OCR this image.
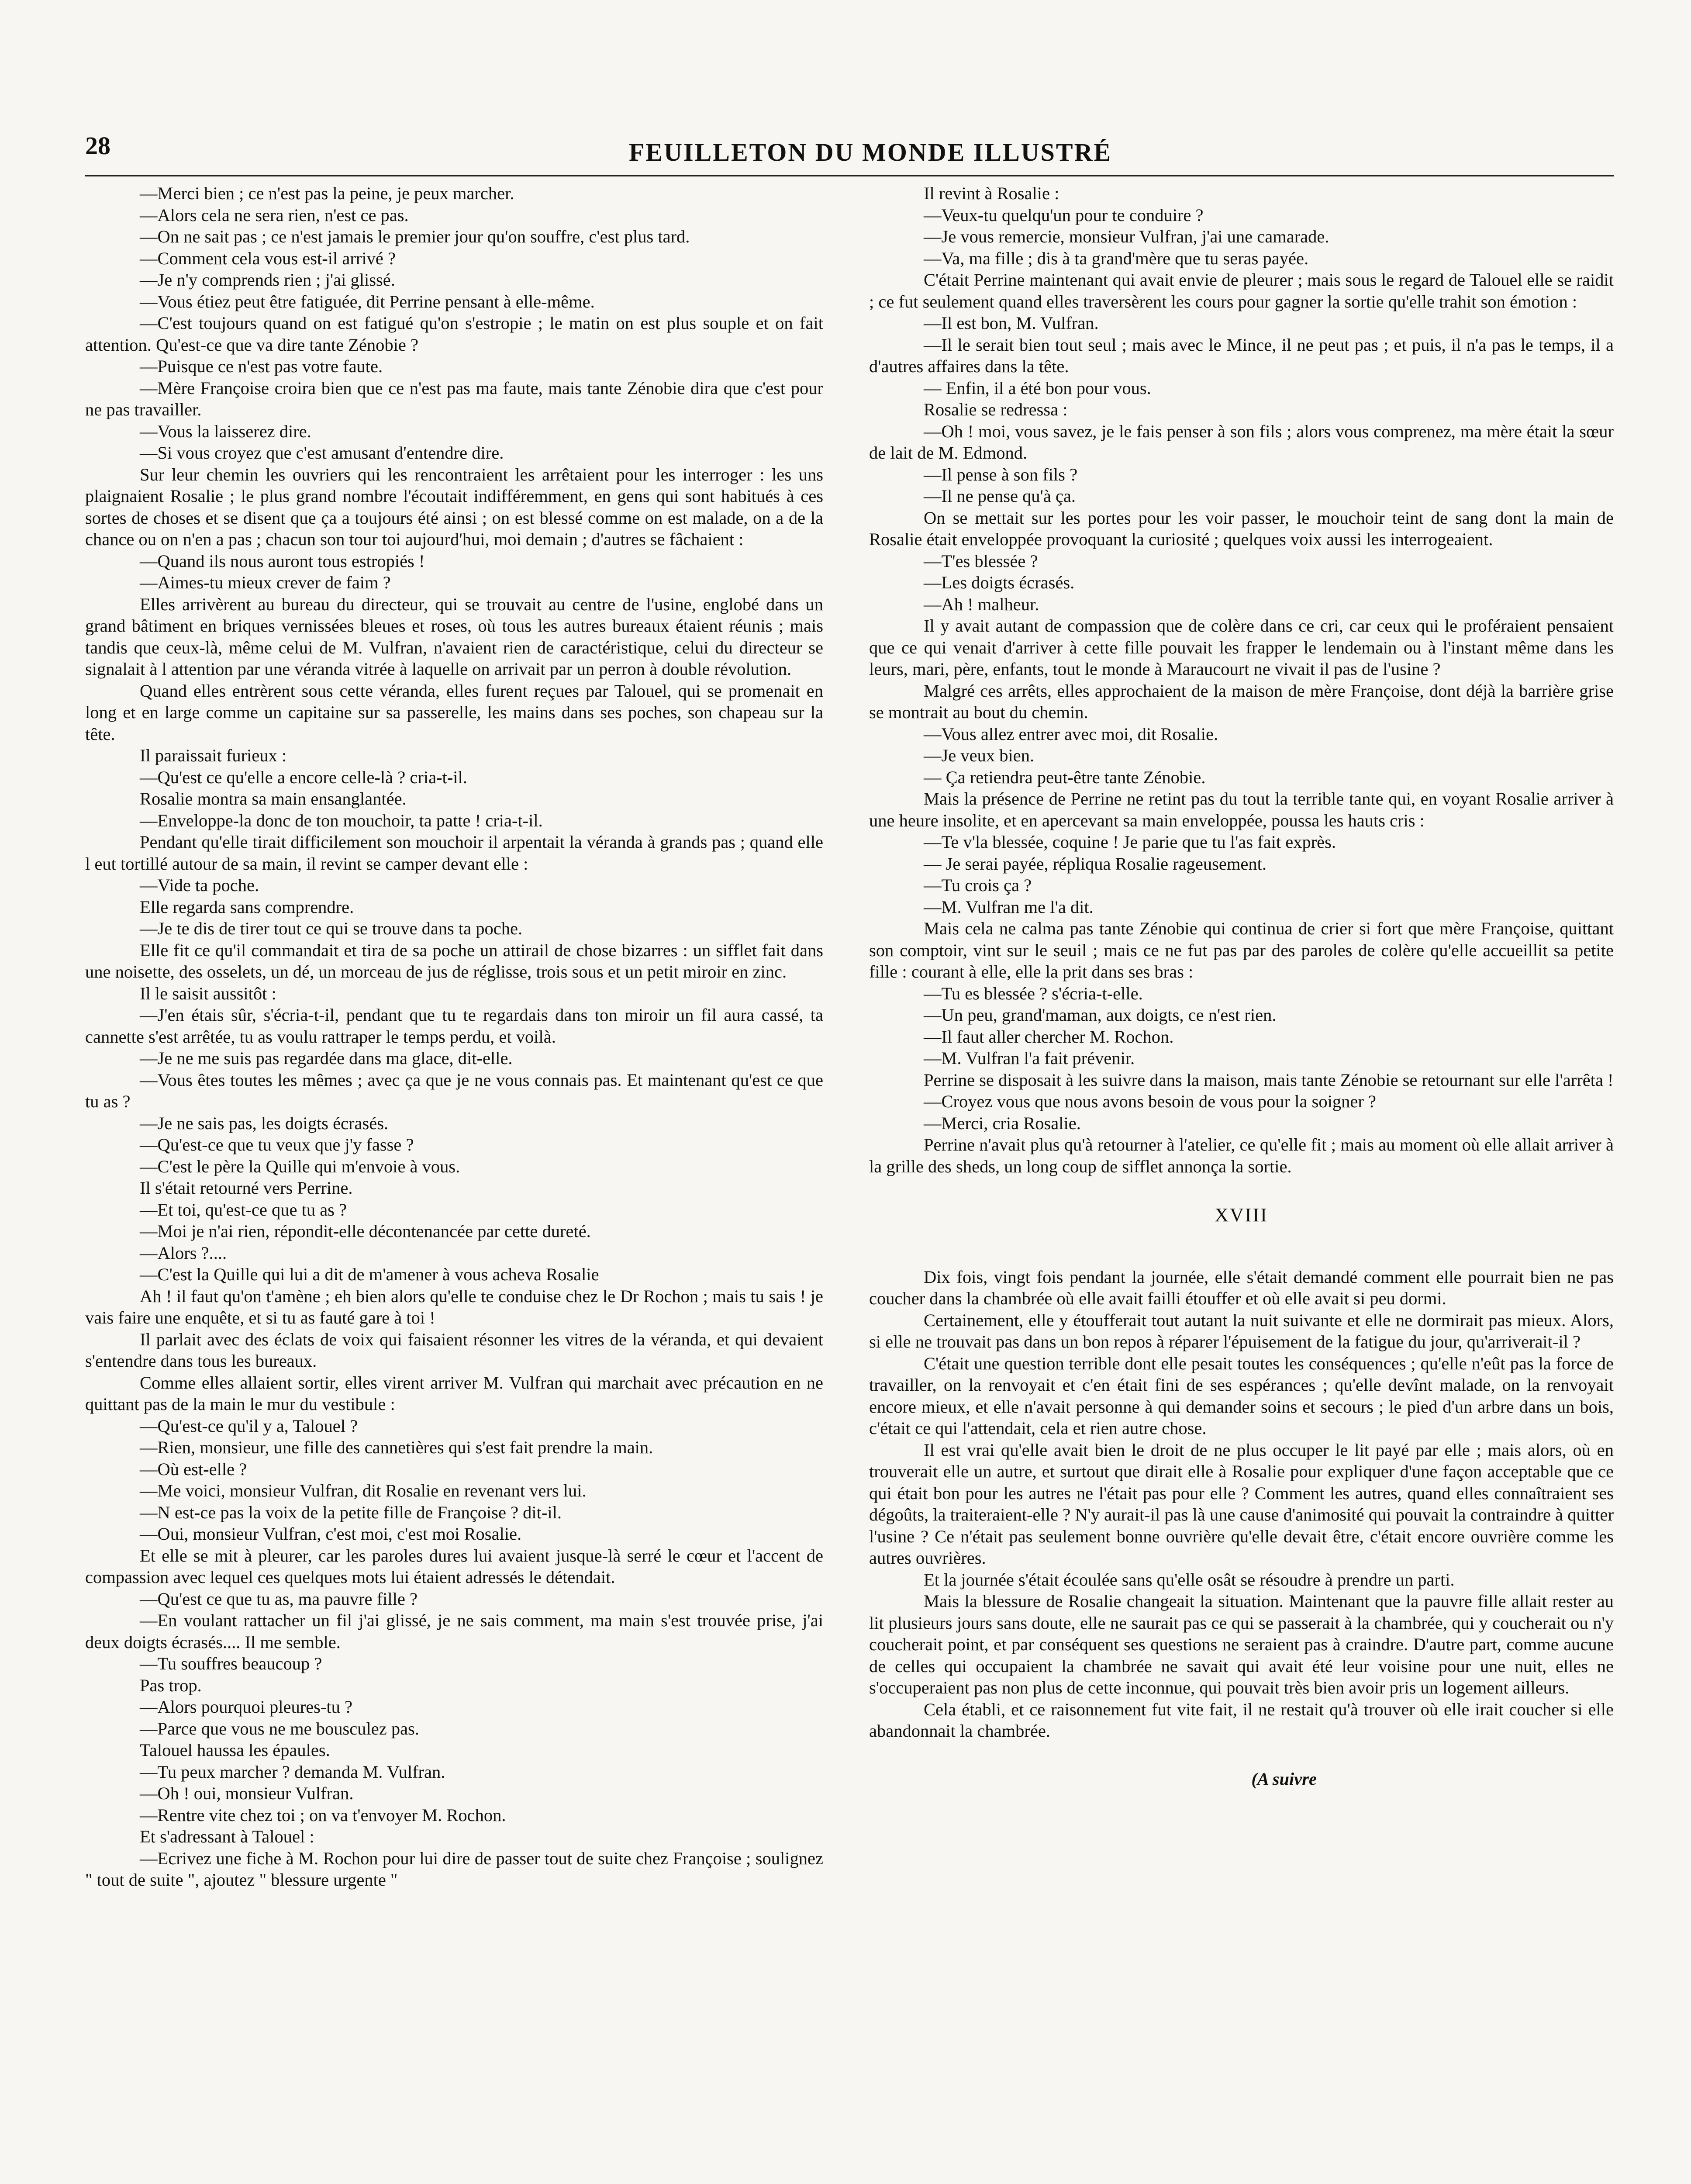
28	FEUILLETON DU MONDE ILLUSTRÉ

—Merci bien ; ce n'est pas la peine, je peux marcher.

—Alors cela ne sera rien, n'est ce pas.

—On ne sait pas ; ce n'est jamais le premier jour qu'on souffre, c'est plus tard.

—Comment cela vous est-il arrivé ?

—Je n'y comprends rien ; j'ai glissé.

—Vous étiez peut être fatiguée, dit Perrine pensant à elle-même.

—C'est toujours quand on est fatigué qu'on s'estropie ; le matin on est plus souple et on fait attention. Qu'est-ce que va dire tante Zénobie ?

—Puisque ce n'est pas votre faute.

—Mère Françoise croira bien que ce n'est pas ma faute, mais tante Zénobie dira que c'est pour ne pas travailler.

—Vous la laisserez dire.

—Si vous croyez que c'est amusant d'entendre dire.

Sur leur chemin les ouvriers qui les rencontraient les arrêtaient pour les interroger : les uns plaignaient Rosalie ; le plus grand nombre l'écoutait indifféremment, en gens qui sont habitués à ces sortes de choses et se disent que ça a toujours été ainsi ; on est blessé comme on est malade, on a de la chance ou on n'en a pas ; chacun son tour toi aujourd'hui, moi demain ; d'autres se fâchaient :

—Quand ils nous auront tous estropiés !

—Aimes-tu mieux crever de faim ?

Elles arrivèrent au bureau du directeur, qui se trouvait au centre de l'usine, englobé dans un grand bâtiment en briques vernissées bleues et roses, où tous les autres bureaux étaient réunis ; mais tandis que ceux-là, même celui de M. Vulfran, n'avaient rien de caractéristique, celui du directeur se signalait à l attention par une véranda vitrée à laquelle on arrivait par un perron à double révolution.

Quand elles entrèrent sous cette véranda, elles furent reçues par Talouel, qui se promenait en long et en large comme un capitaine sur sa passerelle, les mains dans ses poches, son chapeau sur la tête.

Il paraissait furieux :

—Qu'est ce qu'elle a encore celle-là ? cria-t-il.

Rosalie montra sa main ensanglantée.

—Enveloppe-la donc de ton mouchoir, ta patte ! cria-t-il.

Pendant qu'elle tirait difficilement son mouchoir il arpentait la véranda à grands pas ; quand elle l eut tortillé autour de sa main, il revint se camper devant elle :

—Vide ta poche.

Elle regarda sans comprendre.

—Je te dis de tirer tout ce qui se trouve dans ta poche.

Elle fit ce qu'il commandait et tira de sa poche un attirail de chose bizarres : un sifflet fait dans une noisette, des osselets, un dé, un morceau de jus de réglisse, trois sous et un petit miroir en zinc.

Il le saisit aussitôt :

—J'en étais sûr, s'écria-t-il, pendant que tu te regardais dans ton miroir un fil aura cassé, ta cannette s'est arrêtée, tu as voulu rattraper le temps perdu, et voilà.

—Je ne me suis pas regardée dans ma glace, dit-elle.

—Vous êtes toutes les mêmes ; avec ça que je ne vous connais pas. Et maintenant qu'est ce que tu as ?

—Je ne sais pas, les doigts écrasés.

—Qu'est-ce que tu veux que j'y fasse ?

—C'est le père la Quille qui m'envoie à vous.

Il s'était retourné vers Perrine.

—Et toi, qu'est-ce que tu as ?

—Moi je n'ai rien, répondit-elle décontenancée par cette dureté.

—Alors ?....

—C'est la Quille qui lui a dit de m'amener à vous acheva Rosalie

Ah ! il faut qu'on t'amène ; eh bien alors qu'elle te conduise chez le Dr Rochon ; mais tu sais ! je vais faire une enquête, et si tu as fauté gare à toi !

Il parlait avec des éclats de voix qui faisaient résonner les vitres de la véranda, et qui devaient s'entendre dans tous les bureaux.

Comme elles allaient sortir, elles virent arriver M. Vulfran qui marchait avec précaution en ne quittant pas de la main le mur du vestibule :

—Qu'est-ce qu'il y a, Talouel ?

—Rien, monsieur, une fille des cannetières qui s'est fait prendre la main.

—Où est-elle ?

—Me voici, monsieur Vulfran, dit Rosalie en revenant vers lui.

—N est-ce pas la voix de la petite fille de Françoise ? dit-il.

—Oui, monsieur Vulfran, c'est moi, c'est moi Rosalie.

Et elle se mit à pleurer, car les paroles dures lui avaient jusque-là serré le cœur et l'accent de compassion avec lequel ces quelques mots lui étaient adressés le détendait.

—Qu'est ce que tu as, ma pauvre fille ?

—En voulant rattacher un fil j'ai glissé, je ne sais comment, ma main s'est trouvée prise, j'ai deux doigts écrasés.... Il me semble.

—Tu souffres beaucoup ?

Pas trop.

—Alors pourquoi pleures-tu ?

—Parce que vous ne me bousculez pas.

Talouel haussa les épaules.

—Tu peux marcher ? demanda M. Vulfran.

—Oh ! oui, monsieur Vulfran.

—Rentre vite chez toi ; on va t'envoyer M. Rochon.

Et s'adressant à Talouel :

—Ecrivez une fiche à M. Rochon pour lui dire de passer tout de suite chez Françoise ; soulignez " tout de suite ", ajoutez " blessure urgente "

Il revint à Rosalie :

—Veux-tu quelqu'un pour te conduire ?

—Je vous remercie, monsieur Vulfran, j'ai une camarade.

—Va, ma fille ; dis à ta grand'mère que tu seras payée.

C'était Perrine maintenant qui avait envie de pleurer ; mais sous le regard de Talouel elle se raidit ; ce fut seulement quand elles traversèrent les cours pour gagner la sortie qu'elle trahit son émotion :

—Il est bon, M. Vulfran.

—Il le serait bien tout seul ; mais avec le Mince, il ne peut pas ; et puis, il n'a pas le temps, il a d'autres affaires dans la tête.

— Enfin, il a été bon pour vous.

Rosalie se redressa :

—Oh ! moi, vous savez, je le fais penser à son fils ; alors vous comprenez, ma mère était la sœur de lait de M. Edmond.

—Il pense à son fils ?

—Il ne pense qu'à ça.

On se mettait sur les portes pour les voir passer, le mouchoir teint de sang dont la main de Rosalie était enveloppée provoquant la curiosité ; quelques voix aussi les interrogeaient.

—T'es blessée ?

—Les doigts écrasés.

—Ah ! malheur.

Il y avait autant de compassion que de colère dans ce cri, car ceux qui le proféraient pensaient que ce qui venait d'arriver à cette fille pouvait les frapper le lendemain ou à l'instant même dans les leurs, mari, père, enfants, tout le monde à Maraucourt ne vivait il pas de l'usine ?

Malgré ces arrêts, elles approchaient de la maison de mère Françoise, dont déjà la barrière grise se montrait au bout du chemin.

—Vous allez entrer avec moi, dit Rosalie.

—Je veux bien.

— Ça retiendra peut-être tante Zénobie.

Mais la présence de Perrine ne retint pas du tout la terrible tante qui, en voyant Rosalie arriver à une heure insolite, et en apercevant sa main enveloppée, poussa les hauts cris :

—Te v'la blessée, coquine ! Je parie que tu l'as fait exprès.

— Je serai payée, répliqua Rosalie rageusement.

—Tu crois ça ?

—M. Vulfran me l'a dit.

Mais cela ne calma pas tante Zénobie qui continua de crier si fort que mère Françoise, quittant son comptoir, vint sur le seuil ; mais ce ne fut pas par des paroles de colère qu'elle accueillit sa petite fille : courant à elle, elle la prit dans ses bras :

—Tu es blessée ? s'écria-t-elle.

—Un peu, grand'maman, aux doigts, ce n'est rien.

—Il faut aller chercher M. Rochon.

—M. Vulfran l'a fait prévenir.

Perrine se disposait à les suivre dans la maison, mais tante Zénobie se retournant sur elle l'arrêta !

—Croyez vous que nous avons besoin de vous pour la soigner ?

—Merci, cria Rosalie.

Perrine n'avait plus qu'à retourner à l'atelier, ce qu'elle fit ; mais au moment où elle allait arriver à la grille des sheds, un long coup de sifflet annonça la sortie.

XVIII

Dix fois, vingt fois pendant la journée, elle s'était demandé comment elle pourrait bien ne pas coucher dans la chambrée où elle avait failli étouffer et où elle avait si peu dormi.

Certainement, elle y étoufferait tout autant la nuit suivante et elle ne dormirait pas mieux. Alors, si elle ne trouvait pas dans un bon repos à réparer l'épuisement de la fatigue du jour, qu'arriverait-il ?

C'était une question terrible dont elle pesait toutes les conséquences ; qu'elle n'eût pas la force de travailler, on la renvoyait et c'en était fini de ses espérances ; qu'elle devînt malade, on la renvoyait encore mieux, et elle n'avait personne à qui demander soins et secours ; le pied d'un arbre dans un bois, c'était ce qui l'attendait, cela et rien autre chose.

Il est vrai qu'elle avait bien le droit de ne plus occuper le lit payé par elle ; mais alors, où en trouverait elle un autre, et surtout que dirait elle à Rosalie pour expliquer d'une façon acceptable que ce qui était bon pour les autres ne l'était pas pour elle ? Comment les autres, quand elles connaîtraient ses dégoûts, la traiteraient-elle ? N'y aurait-il pas là une cause d'animosité qui pouvait la contraindre à quitter l'usine ? Ce n'était pas seulement bonne ouvrière qu'elle devait être, c'était encore ouvrière comme les autres ouvrières.

Et la journée s'était écoulée sans qu'elle osât se résoudre à prendre un parti.

Mais la blessure de Rosalie changeait la situation. Maintenant que la pauvre fille allait rester au lit plusieurs jours sans doute, elle ne saurait pas ce qui se passerait à la chambrée, qui y coucherait ou n'y coucherait point, et par conséquent ses questions ne seraient pas à craindre. D'autre part, comme aucune de celles qui occupaient la chambrée ne savait qui avait été leur voisine pour une nuit, elles ne s'occuperaient pas non plus de cette inconnue, qui pouvait très bien avoir pris un logement ailleurs.

Cela établi, et ce raisonnement fut vite fait, il ne restait qu'à trouver où elle irait coucher si elle abandonnait la chambrée.

(A suivre
